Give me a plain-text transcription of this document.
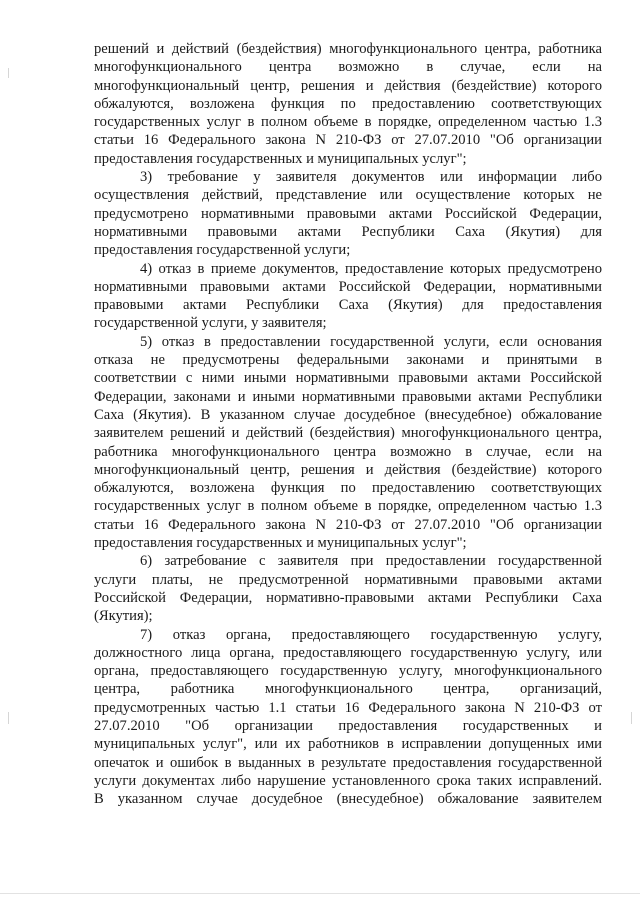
решений и действий (бездействия) многофункционального центра, работника
многофункционального центра возможно в случае, если на
многофункциональный центр, решения и действия (бездействие) которого
обжалуются, возложена функция по предоставлению соответствующих
государственных услуг в полном объеме в порядке, определенном частью 1.3
статьи 16 Федерального закона N 210-ФЗ от 27.07.2010 "Об организации
предоставления государственных и муниципальных услуг";
3) требование у заявителя документов или информации либо
осуществления действий, представление или осуществление которых не
предусмотрено нормативными правовыми актами Российской Федерации,
нормативными правовыми актами Республики Саха (Якутия) для
предоставления государственной услуги;
4) отказ в приеме документов, предоставление которых предусмотрено
нормативными правовыми актами Российской Федерации, нормативными
правовыми актами Республики Саха (Якутия) для предоставления
государственной услуги, у заявителя;
5) отказ в предоставлении государственной услуги, если основания
отказа не предусмотрены федеральными законами и принятыми в
соответствии с ними иными нормативными правовыми актами Российской
Федерации, законами и иными нормативными правовыми актами Республики
Саха (Якутия). В указанном случае досудебное (внесудебное) обжалование
заявителем решений и действий (бездействия) многофункционального центра,
работника многофункционального центра возможно в случае, если на
многофункциональный центр, решения и действия (бездействие) которого
обжалуются, возложена функция по предоставлению соответствующих
государственных услуг в полном объеме в порядке, определенном частью 1.3
статьи 16 Федерального закона N 210-ФЗ от 27.07.2010 "Об организации
предоставления государственных и муниципальных услуг";
6) затребование с заявителя при предоставлении государственной
услуги платы, не предусмотренной нормативными правовыми актами
Российской Федерации, нормативно-правовыми актами Республики Саха
(Якутия);
7) отказ органа, предоставляющего государственную услугу,
должностного лица органа, предоставляющего государственную услугу, или
органа, предоставляющего государственную услугу, многофункционального
центра, работника многофункционального центра, организаций,
предусмотренных частью 1.1 статьи 16 Федерального закона N 210-ФЗ от
27.07.2010 "Об организации предоставления государственных и
муниципальных услуг", или их работников в исправлении допущенных ими
опечаток и ошибок в выданных в результате предоставления государственной
услуги документах либо нарушение установленного срока таких исправлений.
В указанном случае досудебное (внесудебное) обжалование заявителем
